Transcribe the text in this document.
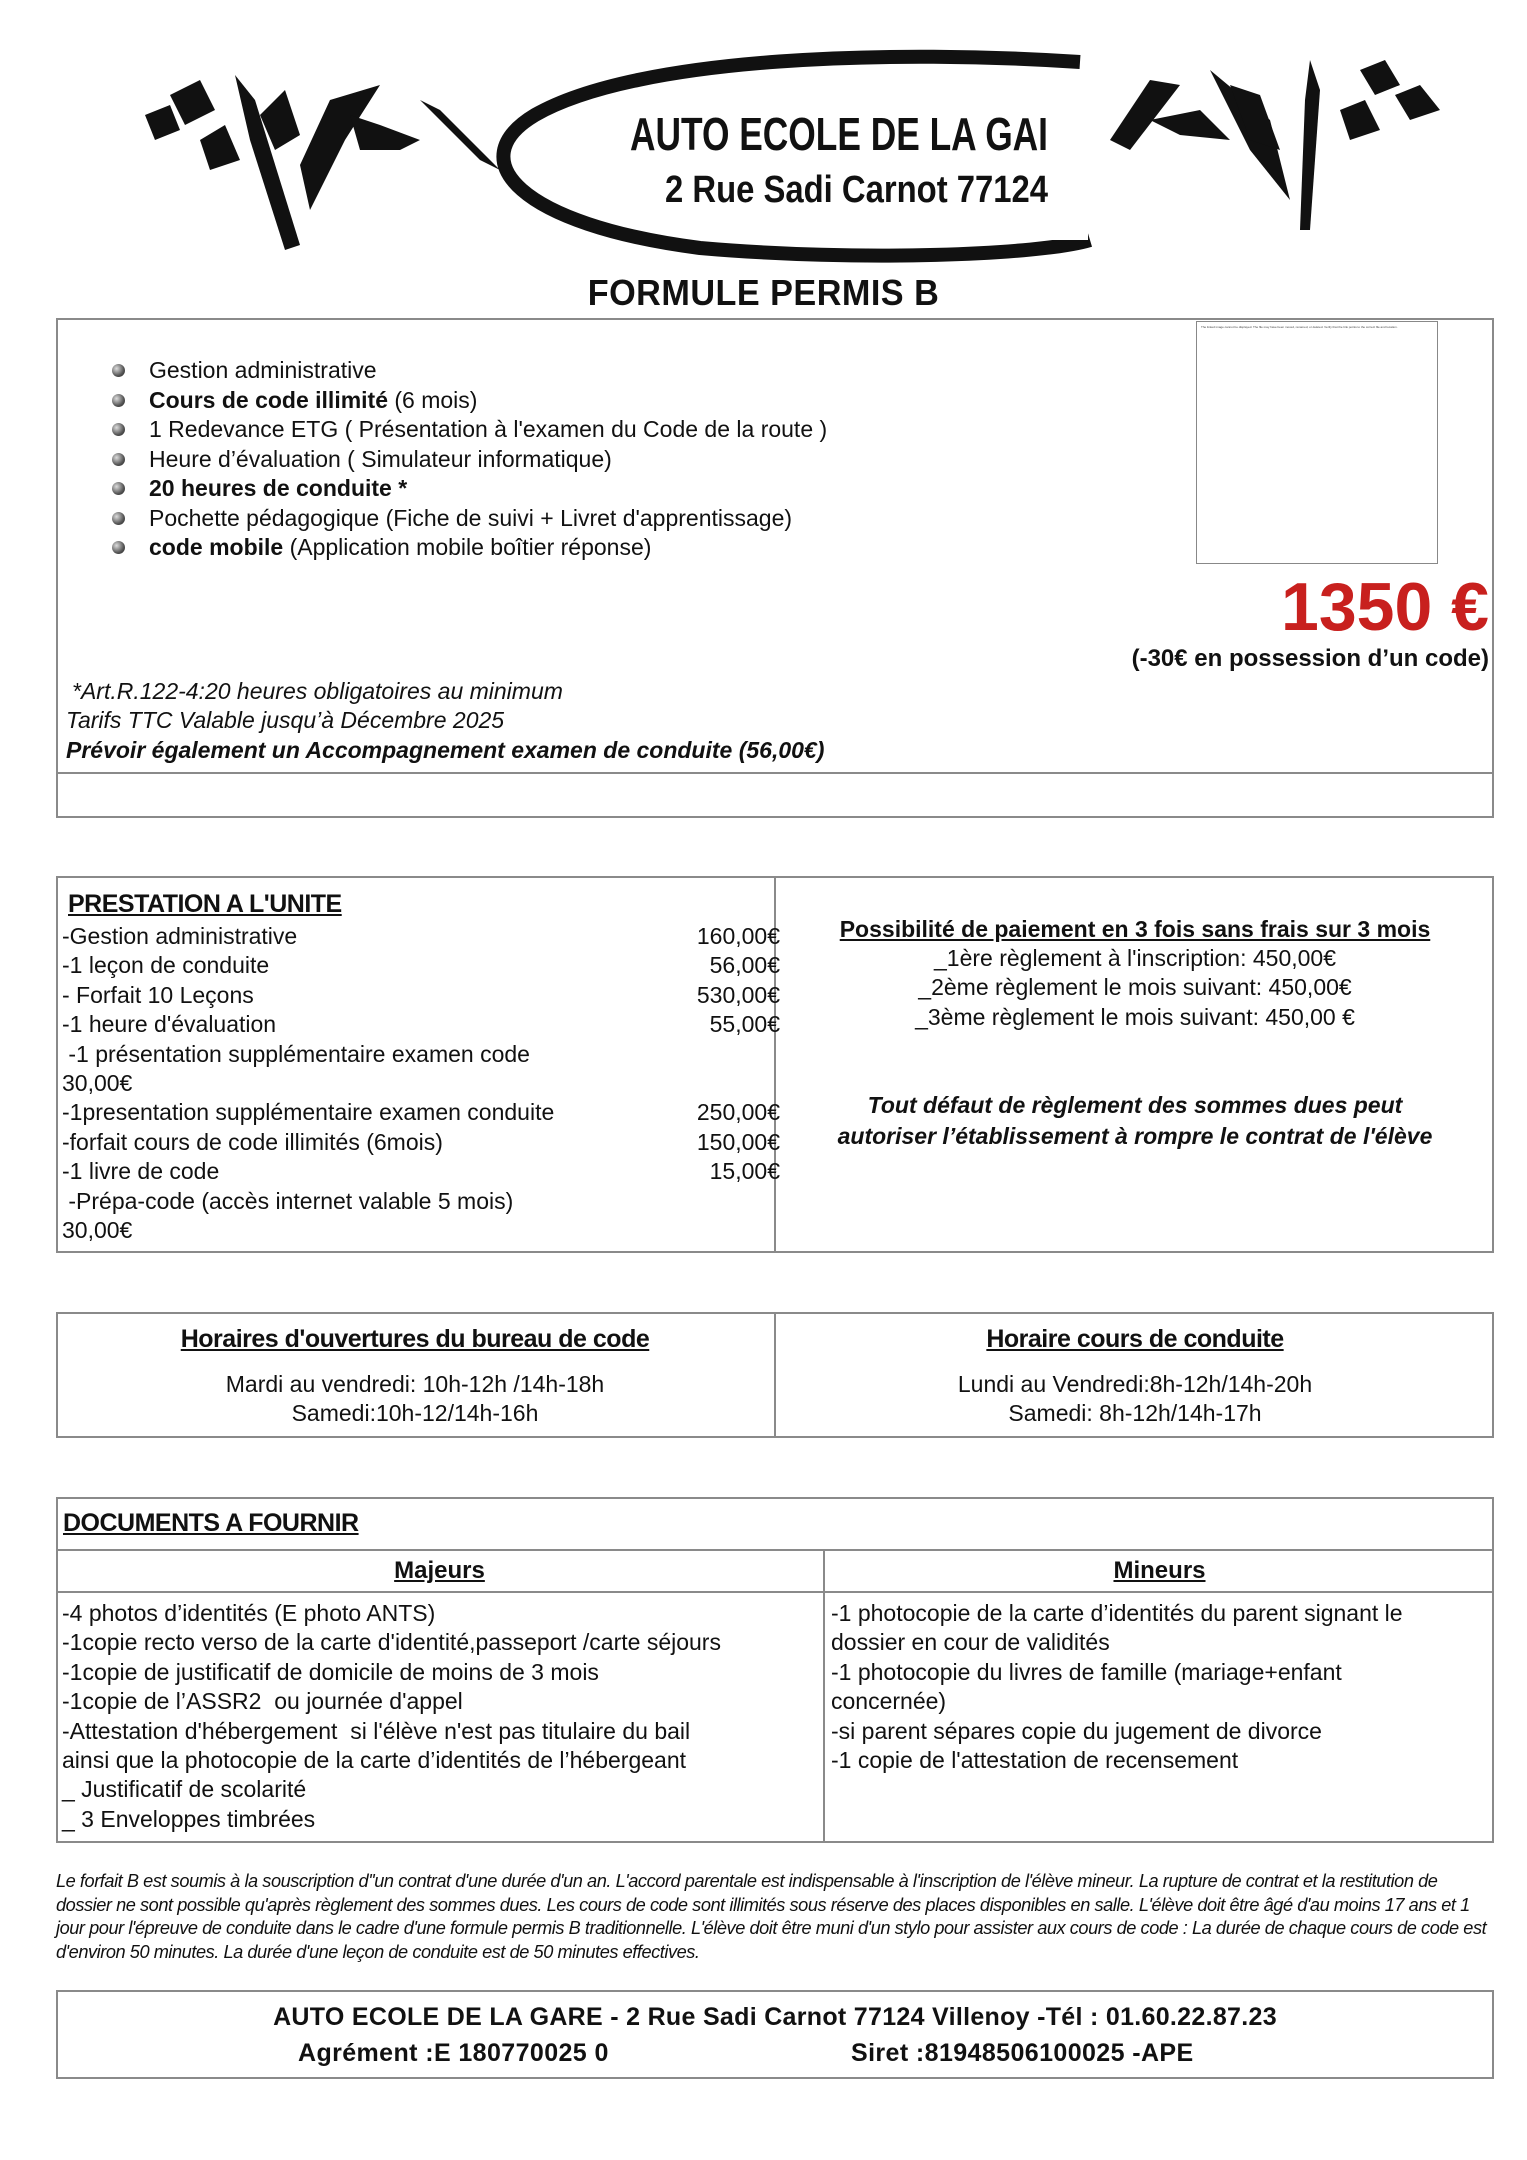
AUTO ECOLE DE LA GAI
2 Rue Sadi Carnot 77124
FORMULE PERMIS B
Gestion administrative
Cours de code illimité (6 mois)
1 Redevance ETG ( Présentation à l'examen du Code de la route )
Heure d’évaluation ( Simulateur informatique)
20 heures de conduite *
Pochette pédagogique (Fiche de suivi + Livret d'apprentissage)
code mobile (Application mobile boîtier réponse)
The linked image cannot be displayed. The file may have been moved, renamed, or deleted. Verify that the link points to the correct file and location.
1350 €
(-30€ en possession d’un code)
*Art.R.122-4:20 heures obligatoires au minimum
Tarifs TTC Valable jusqu’à Décembre 2025
Prévoir également un Accompagnement examen de conduite (56,00€)
PRESTATION A L'UNITE
-Gestion administrative	160,00€
-1 leçon de conduite	56,00€
- Forfait 10 Leçons	530,00€
-1 heure d'évaluation	55,00€
-1 présentation supplémentaire examen code
30,00€
-1presentation supplémentaire examen conduite	250,00€
-forfait cours de code illimités (6mois)	150,00€
-1 livre de code	15,00€
-Prépa-code (accès internet valable 5 mois)
30,00€
Possibilité de paiement en 3 fois sans frais sur 3 mois
_1ère règlement à l'inscription: 450,00€
_2ème règlement le mois suivant: 450,00€
_3ème règlement le mois suivant: 450,00 €
Tout défaut de règlement des sommes dues peut
autoriser l’établissement à rompre le contrat de l'élève
Horaires d'ouvertures du bureau de code
Mardi au vendredi: 10h-12h /14h-18h
Samedi:10h-12/14h-16h
Horaire cours de conduite
Lundi au Vendredi:8h-12h/14h-20h
Samedi: 8h-12h/14h-17h
DOCUMENTS A FOURNIR
Majeurs	Mineurs
-4 photos d’identités (E photo ANTS)
-1copie recto verso de la carte d'identité,passeport /carte séjours
-1copie de justificatif de domicile de moins de 3 mois
-1copie de l’ASSR2  ou journée d'appel
-Attestation d'hébergement  si l'élève n'est pas titulaire du bail
ainsi que la photocopie de la carte d’identités de l’hébergeant
_ Justificatif de scolarité
_ 3 Enveloppes timbrées
-1 photocopie de la carte d’identités du parent signant le
dossier en cour de validités
-1 photocopie du livres de famille (mariage+enfant
concernée)
-si parent sépares copie du jugement de divorce
-1 copie de l'attestation de recensement
Le forfait B est soumis à la souscription d''un contrat d'une durée d'un an. L'accord parentale est indispensable à l'inscription de l'élève mineur. La rupture de contrat et la restitution de dossier ne sont possible qu'après règlement des sommes dues. Les cours de code sont illimités sous réserve des places disponibles en salle. L'élève doit être âgé d'au moins 17 ans et 1 jour pour l'épreuve de conduite dans le cadre d'une formule permis B traditionnelle. L'élève doit être muni d'un stylo pour assister aux cours de code : La durée de chaque cours de code est d'environ 50 minutes. La durée d'une leçon de conduite est de 50 minutes effectives.
AUTO ECOLE DE LA GARE - 2 Rue Sadi Carnot 77124 Villenoy -Tél : 01.60.22.87.23
Agrément :E 180770025 0	Siret :81948506100025 -APE
